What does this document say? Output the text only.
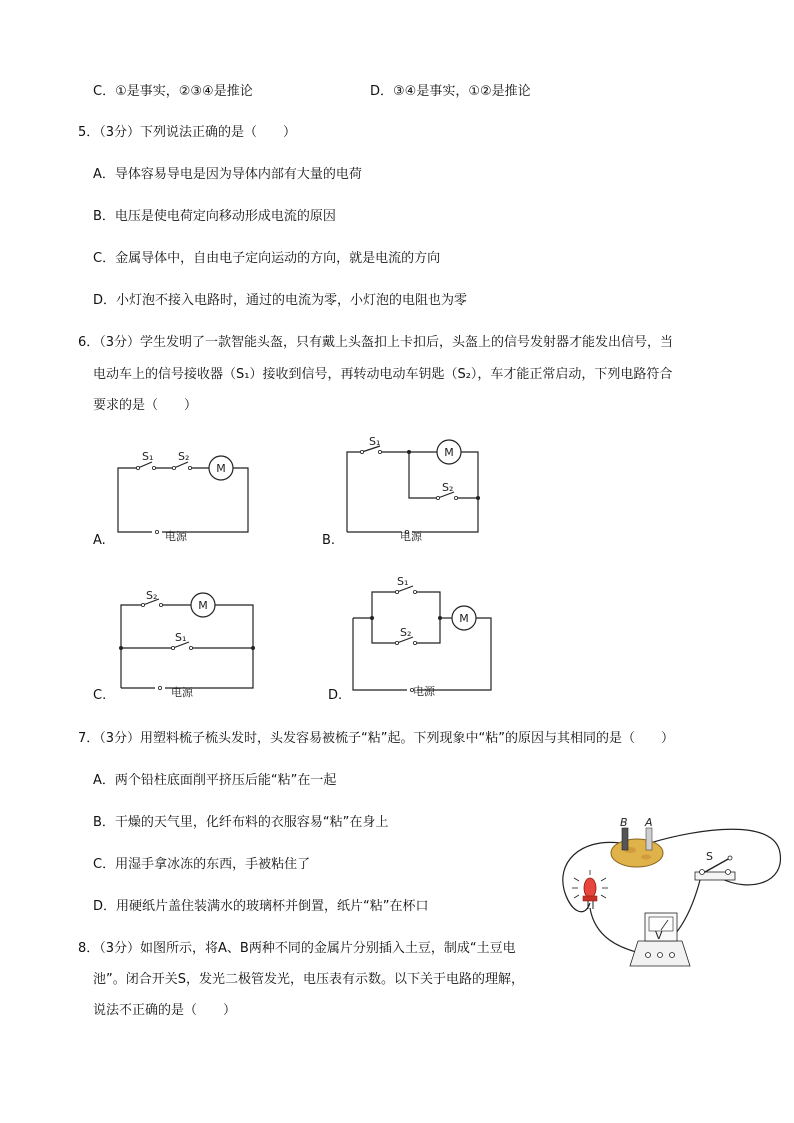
C．①是事实，②③④是推论	D．③④是事实，①②是推论
5．（3分）下列说法正确的是（　　）
A．导体容易导电是因为导体内部有大量的电荷
B．电压是使电荷定向移动形成电流的原因
C．金属导体中，自由电子定向运动的方向，就是电流的方向
D．小灯泡不接入电路时，通过的电流为零，小灯泡的电阻也为零
6．（3分）学生发明了一款智能头盔，只有戴上头盔扣上卡扣后，头盔上的信号发射器才能发出信号，当
电动车上的信号接收器（S₁）接收到信号，再转动电动车钥匙（S₂），车才能正常启动，下列电路符合
要求的是（　　）
A.
M
S₁ S₂
电源	B.
M
S₁
S₂
电源
C.
M
S₂
S₁
电源	D.
M
S₁
S₂
电源
7．（3分）用塑料梳子梳头发时，头发容易被梳子“粘”起。下列现象中“粘”的原因与其相同的是（　　）
A．两个铅柱底面削平挤压后能“粘”在一起
B．干燥的天气里，化纤布料的衣服容易“粘”在身上
C．用湿手拿冰冻的东西，手被粘住了
D．用硬纸片盖住装满水的玻璃杯并倒置，纸片“粘”在杯口
8．（3分）如图所示，将A、B两种不同的金属片分别插入土豆，制成“土豆电
池”。闭合开关S，发光二极管发光，电压表有示数。以下关于电路的理解，
说法不正确的是（　　）
B A
S
V
